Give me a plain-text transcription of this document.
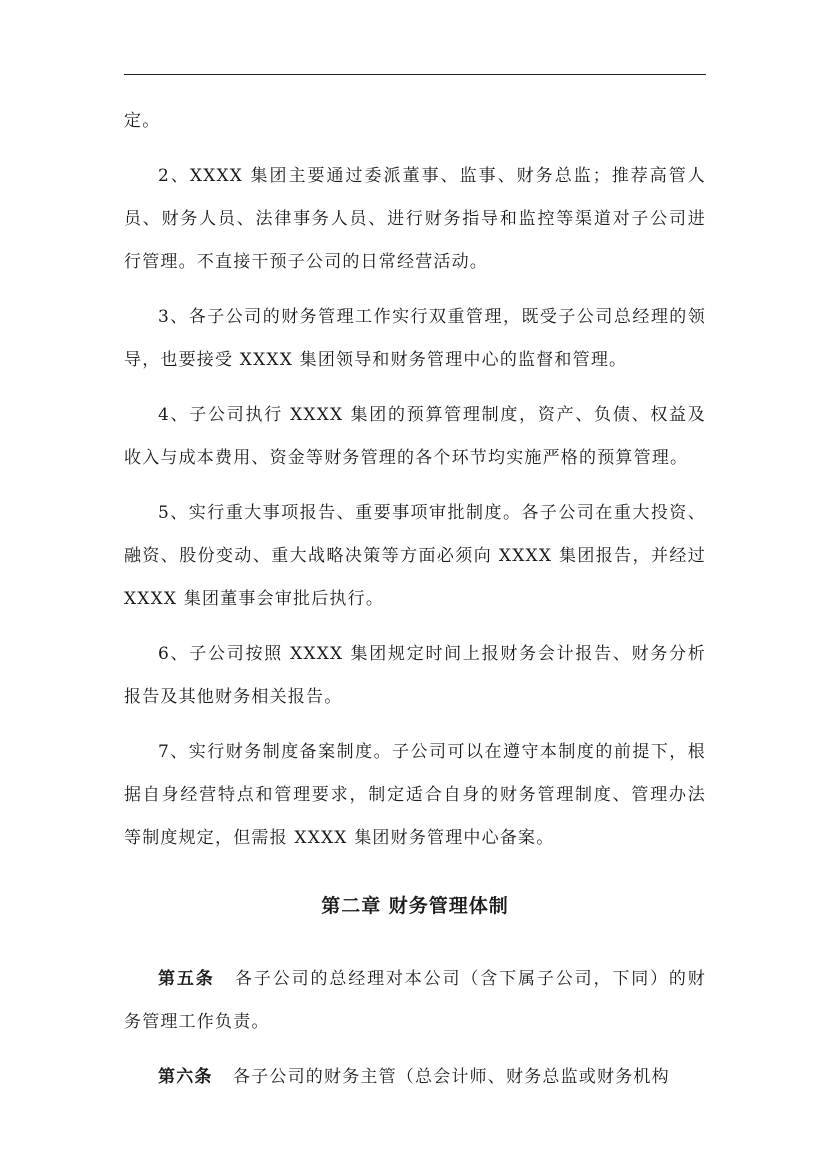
定。

2、XXXX 集团主要通过委派董事、监事、财务总监；推荐高管人员、财务人员、法律事务人员、进行财务指导和监控等渠道对子公司进行管理。不直接干预子公司的日常经营活动。

3、各子公司的财务管理工作实行双重管理，既受子公司总经理的领导，也要接受 XXXX 集团领导和财务管理中心的监督和管理。

4、子公司执行 XXXX 集团的预算管理制度，资产、负债、权益及收入与成本费用、资金等财务管理的各个环节均实施严格的预算管理。

5、实行重大事项报告、重要事项审批制度。各子公司在重大投资、融资、股份变动、重大战略决策等方面必须向 XXXX 集团报告，并经过 XXXX 集团董事会审批后执行。

6、子公司按照 XXXX 集团规定时间上报财务会计报告、财务分析报告及其他财务相关报告。

7、实行财务制度备案制度。子公司可以在遵守本制度的前提下，根据自身经营特点和管理要求，制定适合自身的财务管理制度、管理办法等制度规定，但需报 XXXX 集团财务管理中心备案。

第二章 财务管理体制

第五条 各子公司的总经理对本公司（含下属子公司，下同）的财务管理工作负责。

第六条 各子公司的财务主管（总会计师、财务总监或财务机构
